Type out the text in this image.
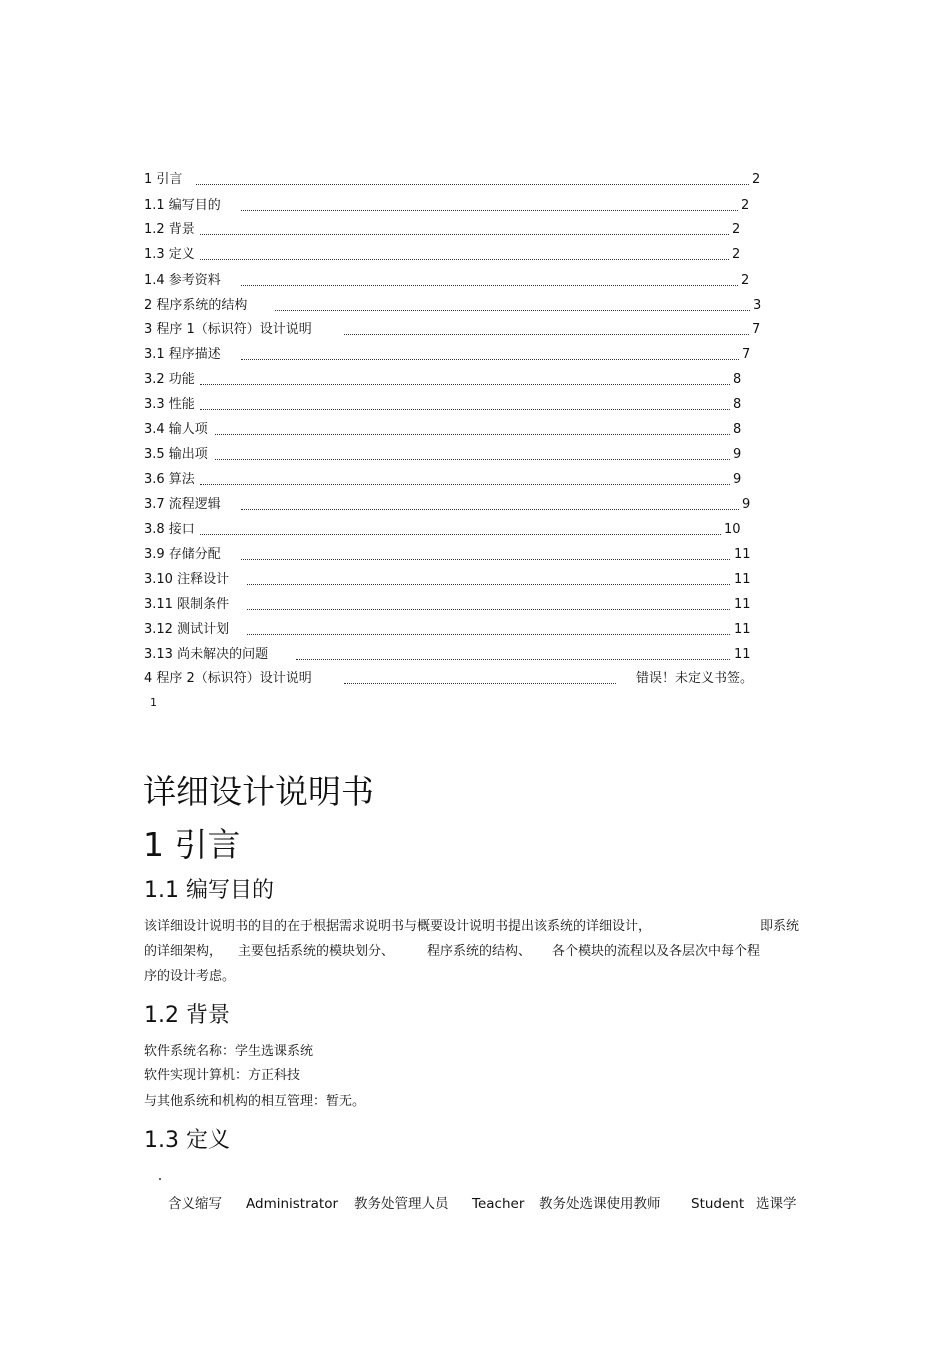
1 引言	2
1.1 编写目的	2
1.2 背景	2
1.3 定义	2
1.4 参考资料	2
2 程序系统的结构	3
3 程序 1（标识符）设计说明	7
3.1 程序描述	7
3.2 功能	8
3.3 性能	8
3.4 输人项	8
3.5 输出项	9
3.6 算法	9
3.7 流程逻辑	9
3.8 接口	10
3.9 存储分配	11
3.10 注释设计	11
3.11 限制条件	11
3.12 测试计划	11
3.13 尚未解决的问题	11
4 程序 2（标识符）设计说明	错误！未定义书签。
1
详细设计说明书
1 引言
1.1 编写目的
该详细设计说明书的目的在于根据需求说明书与概要设计说明书提出该系统的详细设计，	即系统
的详细架构， 主要包括系统的模块划分、	程序系统的结构、 各个模块的流程以及各层次中每个程
序的设计考虑。
1.2 背景
软件系统名称：学生选课系统
软件实现计算机：方正科技
与其他系统和机构的相互管理：暂无。
1.3 定义
含义缩写 Administrator 教务处管理人员 Teacher 教务处选课使用教师 Student 选课学
